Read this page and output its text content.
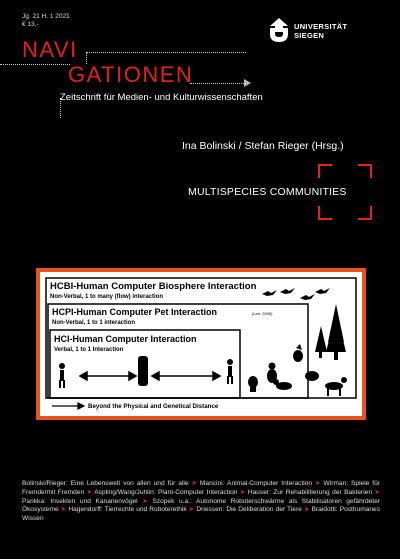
Jg. 21 H. 1 2021
€ 13,-	UNIVERSITÄT
SIEGEN
NAVI
GATIONEN
Zeitschrift für Medien- und Kulturwissenschaften
Ina Bolinski / Stefan Rieger (Hrsg.)
MULTISPECIES COMMUNITIES
HCBI-Human Computer Biosphere Interaction
Non-Verbal, 1 to many (flow) interaction
HCPI-Human Computer Pet Interaction	(Lee, 2006)
Non-Verbal, 1 to 1 interaction
HCI-Human Computer Interaction
Verbal, 1 to 1 Interaction
Beyond the Physical and Genetical Distance
Bolinski/Rieger: Eine Lebenswelt von allen und für alle ➤ Mancini: Animal-Computer Interaction ➤ Wirman: Spiele für Fremde/mit Fremden ➤ Aspling/Wang/Juhlin: Plant-Computer Interaction ➤ Hauser: Zur Rehabilitierung der Bakterien ➤ Parikka: Insekten und Kanarienvögel ➤ Szopek u.a.: Autonome Roboterschwärme als Stabilisatoren gefährdeter Ökosysteme ➤ Hagendorff: Tierrechte und Roboterethik ➤ Driessen: Die Deliberation der Tiere ➤ Braidotti: Posthumanes Wissen
